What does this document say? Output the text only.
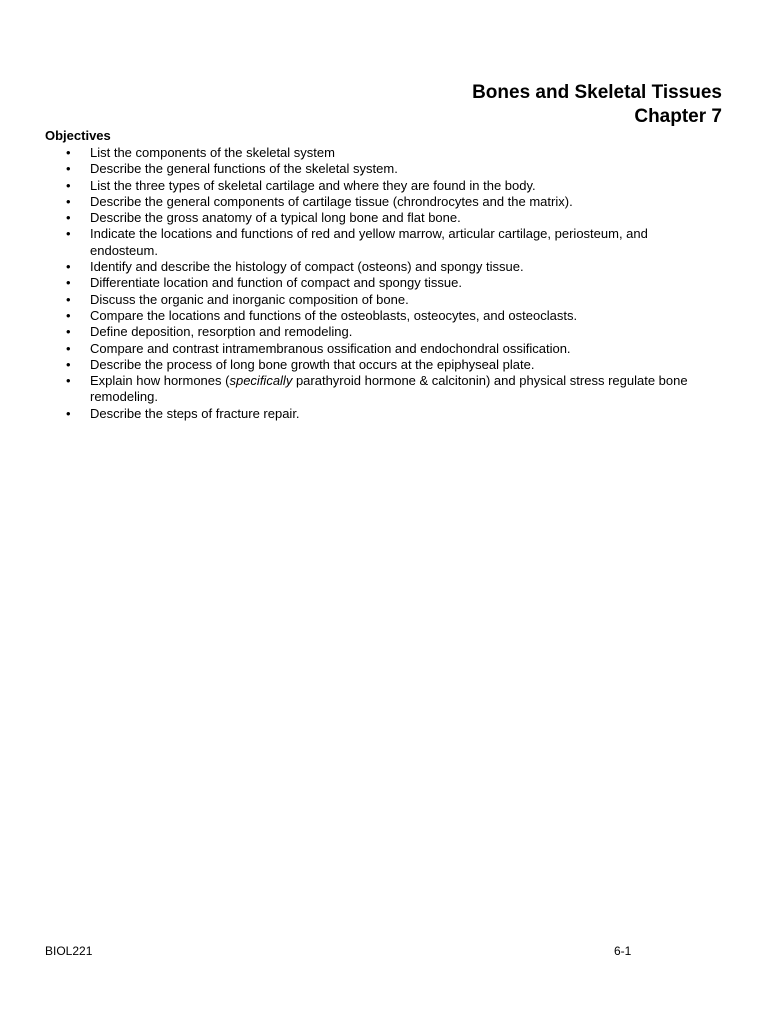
Bones and Skeletal Tissues
Chapter 7
Objectives
• List the components of the skeletal system
• Describe the general functions of the skeletal system.
• List the three types of skeletal cartilage and where they are found in the body.
• Describe the general components of cartilage tissue (chrondrocytes and the matrix).
• Describe the gross anatomy of a typical long bone and flat bone.
• Indicate the locations and functions of red and yellow marrow, articular cartilage, periosteum, and endosteum.
• Identify and describe the histology of compact (osteons) and spongy tissue.
• Differentiate location and function of compact and spongy tissue.
• Discuss the organic and inorganic composition of bone.
• Compare the locations and functions of the osteoblasts, osteocytes, and osteoclasts.
• Define deposition, resorption and remodeling.
• Compare and contrast intramembranous ossification and endochondral ossification.
• Describe the process of long bone growth that occurs at the epiphyseal plate.
• Explain how hormones (specifically parathyroid hormone & calcitonin) and physical stress regulate bone remodeling.
• Describe the steps of fracture repair.
BIOL221	6-1
